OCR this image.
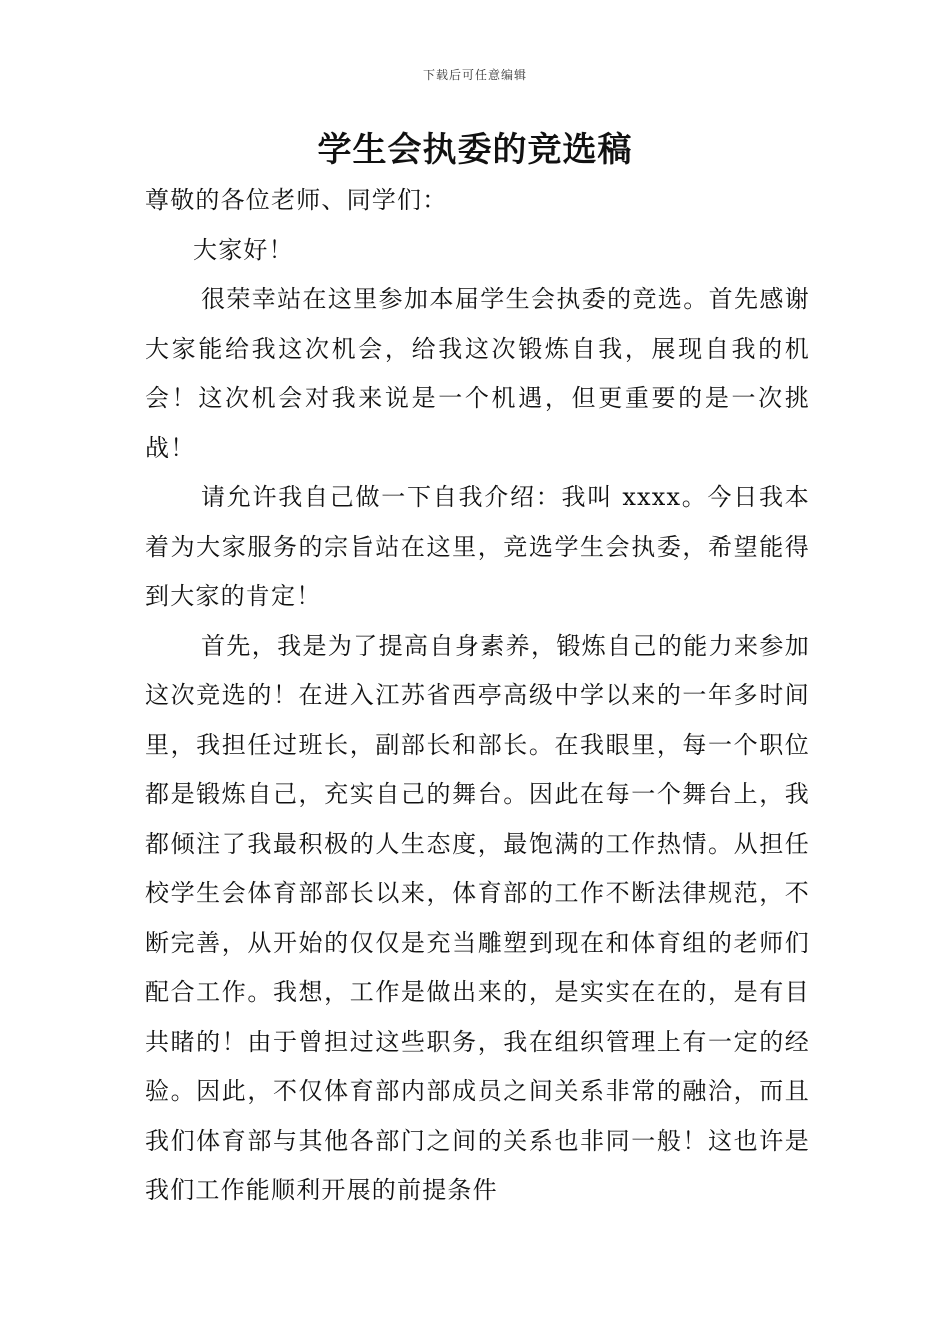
下载后可任意编辑
学生会执委的竞选稿

尊敬的各位老师、同学们：

大家好！

很荣幸站在这里参加本届学生会执委的竞选。首先感谢大家能给我这次机会，给我这次锻炼自我，展现自我的机会！这次机会对我来说是一个机遇，但更重要的是一次挑战！

请允许我自己做一下自我介绍：我叫 xxxx。今日我本着为大家服务的宗旨站在这里，竞选学生会执委，希望能得到大家的肯定！

首先，我是为了提高自身素养，锻炼自己的能力来参加这次竞选的！在进入江苏省西亭高级中学以来的一年多时间里，我担任过班长，副部长和部长。在我眼里，每一个职位都是锻炼自己，充实自己的舞台。因此在每一个舞台上，我都倾注了我最积极的人生态度，最饱满的工作热情。从担任校学生会体育部部长以来，体育部的工作不断法律规范，不断完善，从开始的仅仅是充当雕塑到现在和体育组的老师们配合工作。我想，工作是做出来的，是实实在在的，是有目共睹的！由于曾担过这些职务，我在组织管理上有一定的经验。因此，不仅体育部内部成员之间关系非常的融洽，而且我们体育部与其他各部门之间的关系也非同一般！这也许是我们工作能顺利开展的前提条件
